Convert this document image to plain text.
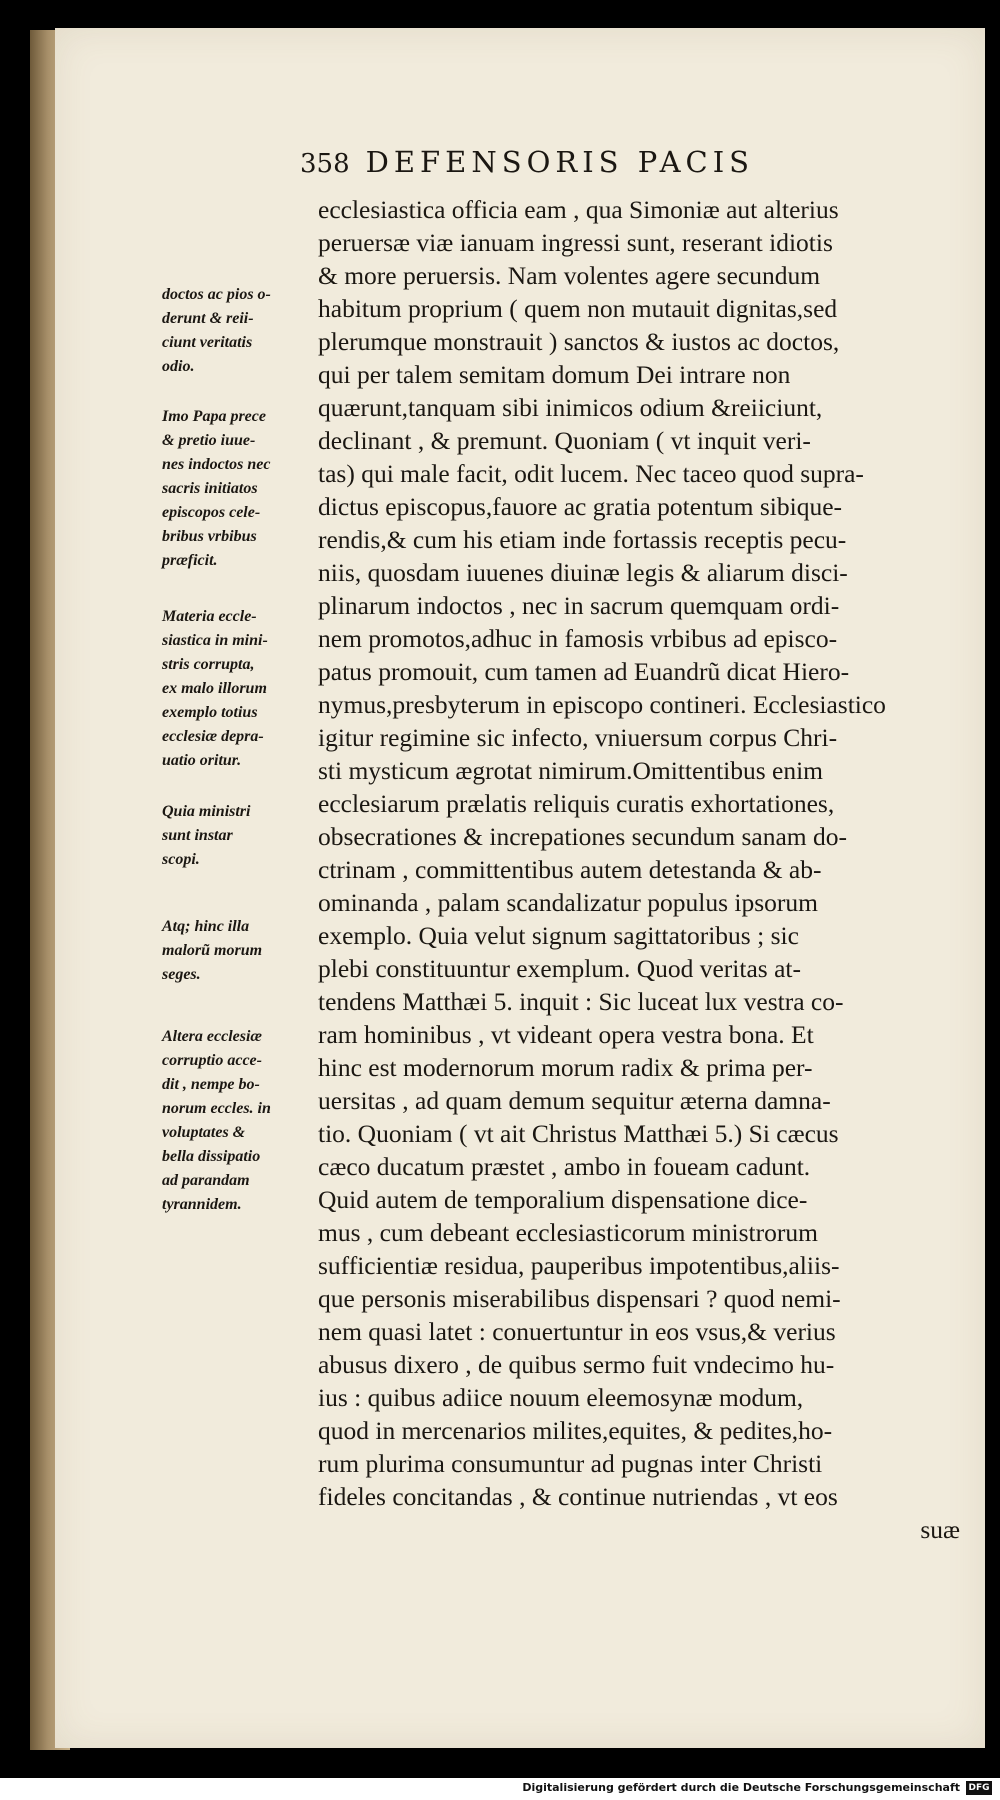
358 DEFENSORIS PACIS
ecclesiastica officia eam , qua Simoniæ aut alterius
peruersæ viæ ianuam ingressi sunt, reserant idiotis
& more peruersis. Nam volentes agere secundum
habitum proprium ( quem non mutauit dignitas,sed
plerumque monstrauit ) sanctos & iustos ac doctos,
qui per talem semitam domum Dei intrare non
quærunt,tanquam sibi inimicos odium &reiiciunt,
declinant , & premunt. Quoniam ( vt inquit veri-
tas) qui male facit, odit lucem. Nec taceo quod supra-
dictus episcopus,fauore ac gratia potentum sibique-
rendis,& cum his etiam inde fortassis receptis pecu-
niis, quosdam iuuenes diuinæ legis & aliarum disci-
plinarum indoctos , nec in sacrum quemquam ordi-
nem promotos,adhuc in famosis vrbibus ad episco-
patus promouit, cum tamen ad Euandrũ dicat Hiero-
nymus,presbyterum in episcopo contineri. Ecclesiastico
igitur regimine sic infecto, vniuersum corpus Chri-
sti mysticum ægrotat nimirum.Omittentibus enim
ecclesiarum prælatis reliquis curatis exhortationes,
obsecrationes & increpationes secundum sanam do-
ctrinam , committentibus autem detestanda & ab-
ominanda , palam scandalizatur populus ipsorum
exemplo. Quia velut signum sagittatoribus ; sic
plebi constituuntur exemplum. Quod veritas at-
tendens Matthæi 5. inquit : Sic luceat lux vestra co-
ram hominibus , vt videant opera vestra bona. Et
hinc est modernorum morum radix & prima per-
uersitas , ad quam demum sequitur æterna damna-
tio. Quoniam ( vt ait Christus Matthæi 5.) Si cæcus
cæco ducatum præstet , ambo in foueam cadunt.
Quid autem de temporalium dispensatione dice-
mus , cum debeant ecclesiasticorum ministrorum
sufficientiæ residua, pauperibus impotentibus,aliis-
que personis miserabilibus dispensari ? quod nemi-
nem quasi latet : conuertuntur in eos vsus,& verius
abusus dixero , de quibus sermo fuit vndecimo hu-
ius : quibus adiice nouum eleemosynæ modum,
quod in mercenarios milites,equites, & pedites,ho-
rum plurima consumuntur ad pugnas inter Christi
fideles concitandas , & continue nutriendas , vt eos
suæ
doctos ac pios o-
derunt & reii-
ciunt veritatis
odio.
Imo Papa prece
& pretio iuue-
nes indoctos nec
sacris initiatos
episcopos cele-
bribus vrbibus
præficit.
Materia eccle-
siastica in mini-
stris corrupta,
ex malo illorum
exemplo totius
ecclesiæ depra-
uatio oritur.
Quia ministri
sunt instar
scopi.
Atq; hinc illa
malorũ morum
seges.
Altera ecclesiæ
corruptio acce-
dit , nempe bo-
norum eccles. in
voluptates &
bella dissipatio
ad parandam
tyrannidem.
Digitalisierung gefördert durch die Deutsche Forschungsgemeinschaft DFG
